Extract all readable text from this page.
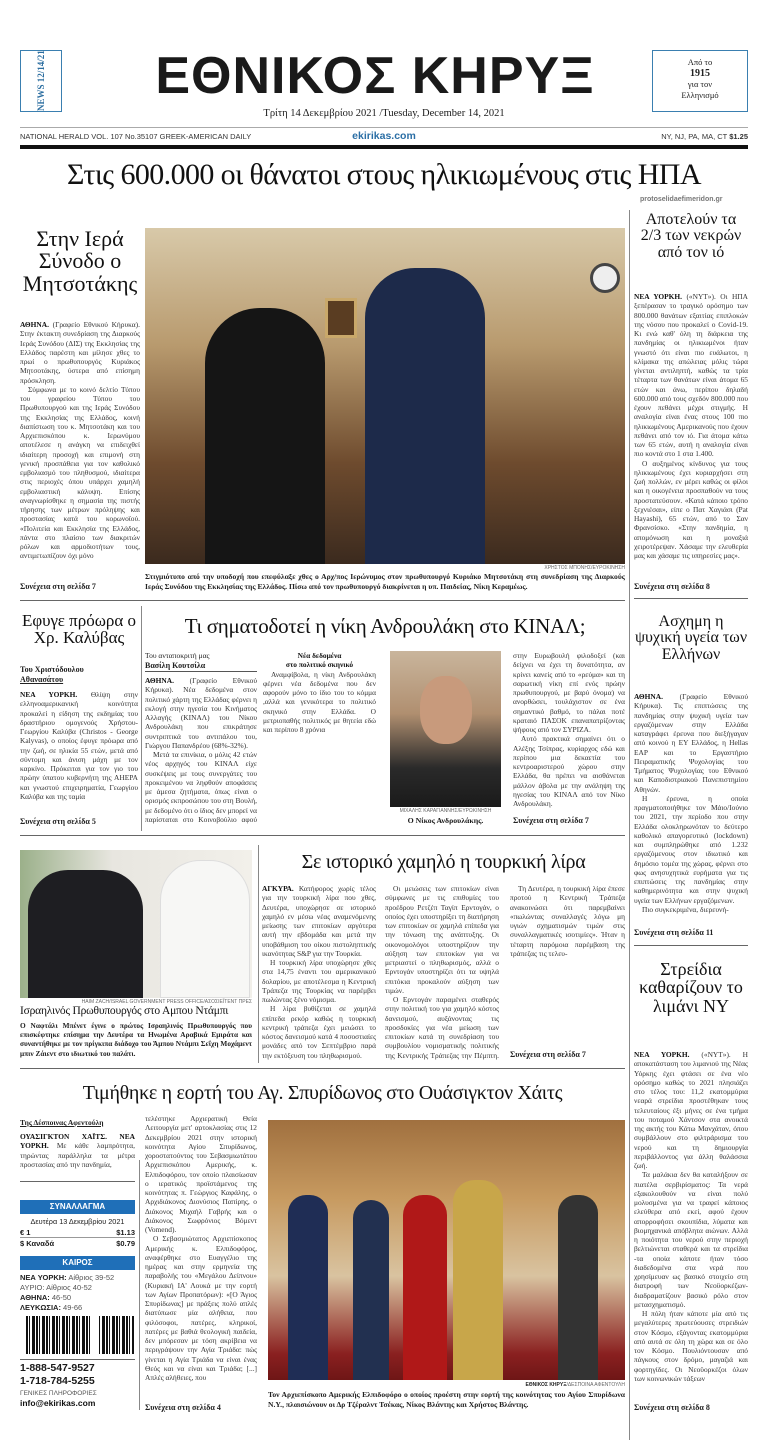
NEWS 12/14/21	ΕΘΝΙΚΟΣ ΚΗΡΥΞ	Από το
1915
για τον
Ελληνισμό
Τρίτη 14 Δεκεμβρίου 2021 /Tuesday, December 14, 2021
NATIONAL HERALD VOL. 107 No.35107 GREEK-AMERICAN DAILY	ekirikas.com	NY, NJ, PA, MA, CT $1.25
Στις 600.000 οι θάνατοι στους ηλικιωμένους στις ΗΠΑ
protoselidaefimeridon.gr
Στην Ιερά Σύνοδο ο Μητσοτάκης

ΑΘΗΝΑ. (Γραφείο Εθνικού Κήρυκα). Στην έκτακτη συνεδρίαση της Διαρκούς Ιεράς Συνόδου (ΔΙΣ) της Εκκλησίας της Ελλάδος παρέστη και μίλησε χθες το πρωί ο πρωθυπουργός Κυριάκος Μητσοτάκης, ύστερα από επίσημη πρόσκληση.

Σύμφωνα με το κοινό δελτίο Τύπου του γραφείου Τύπου του Πρωθυπουργού και της Ιεράς Συνόδου της Εκκλησίας της Ελλάδος, κοινή διαπίστωση του κ. Μητσοτάκη και του Αρχιεπισκόπου κ. Ιερωνύμου αποτέλεσε η ανάγκη να επιδειχθεί ιδιαίτερη προσοχή και επιμονή στη γενική προσπάθεια για τον καθολικό εμβολιασμό του πληθυσμού, ιδιαίτερα στις περιοχές όπου υπάρχει χαμηλή εμβολιαστική κάλυψη. Επίσης αναγνωρίσθηκε η σημασία της πιστής τήρησης των μέτρων πρόληψης και προστασίας κατά του κορωνοϊού. «Πολιτεία και Εκκλησία της Ελλάδος, πάντα στο πλαίσιο των διακριτών ρόλων και αρμοδιοτήτων τους, αντιμετωπίζουν όχι μόνο

Συνέχεια στη σελίδα 7
ΧΡΗΣΤΟΣ ΜΠΟΝΗΣ/ΕΥΡΟΚΙΝΗΣΗ
Στιγμιότυπο από την υποδοχή που επεφύλαξε χθες ο Αρχ/πος Ιερώνυμος στον πρωθυπουργό Κυριάκο Μητσοτάκη στη συνεδρίαση της Διαρκούς Ιεράς Συνόδου της Εκκλησίας της Ελλάδος. Πίσω από τον πρωθυπουργό διακρίνεται η υπ. Παιδείας, Νίκη Κεραμέως.
Αποτελούν τα 2/3 των νεκρών από τον ιό

ΝΕΑ ΥΟΡΚΗ. («NYT»). Οι ΗΠΑ ξεπέρασαν το τραγικό ορόσημο των 800.000 θανάτων εξαιτίας επιπλοκών της νόσου που προκαλεί ο Covid-19. Κι ενώ καθ' όλη τη διάρκεια της πανδημίας οι ηλικιωμένοι ήταν γνωστό ότι είναι πιο ευάλωτοι, η κλίμακα της απώλειας μόλις τώρα γίνεται αντιληπτή, καθώς τα τρία τέταρτα των θανάτων είναι άτομα 65 ετών και άνω, περίπου δηλαδή 600.000 από τους σχεδόν 800.000 που έχουν πεθάνει μέχρι στιγμής. Η αναλογία είναι ένας στους 100 πιο ηλικιωμένους Αμερικανούς που έχουν πεθάνει από τον ιό. Για άτομα κάτω των 65 ετών, αυτή η αναλογία είναι πιο κοντά στο 1 στα 1.400.

Ο αυξημένος κίνδυνος για τους ηλικιωμένους έχει κυριαρχήσει στη ζωή πολλών, εν μέρει καθώς οι φίλοι και η οικογένεια προσπαθούν να τους προστατεύσουν. «Κατά κάποιο τρόπο ξεχνιέσαι», είπε ο Πατ Χαγιάσι (Pat Hayashi), 65 ετών, από το Σαν Φρανσίσκο. «Στην πανδημία, η απομόνωση και η μοναξιά χειροτέρεψαν. Χάσαμε την ελευθερία μας και χάσαμε τις υπηρεσίες μας».

Συνέχεια στη σελίδα 8
Εφυγε πρόωρα ο Χρ. Καλύβας
Του Χριστόδουλου
Αθανασάτου

ΝΕΑ ΥΟΡΚΗ. Θλίψη στην ελληνοαμερικανική κοινότητα προκαλεί η είδηση της εκδημίας του δραστήριου ομογενούς Χρήστου-Γεωργίου Καλύβα (Christos - George Kalyvas), ο οποίος έφυγε πρόωρα από την ζωή, σε ηλικία 55 ετών, μετά από σύντομη και άνιση μάχη με τον καρκίνο. Πρόκειται για τον γιο του πρώην ύπατου κυβερνήτη της ΑΗΕΡΑ και γνωστού επιχειρηματία, Γεωργίου Καλύβα και της ταμία

Συνέχεια στη σελίδα 5
Τι σηματοδοτεί η νίκη Ανδρουλάκη στο ΚΙΝΑΛ;
Του ανταποκριτή μας
Βασίλη Κουτσίλα

ΑΘΗΝΑ. (Γραφείο Εθνικού Κήρυκα). Νέα δεδομένα στον πολιτικό χάρτη της Ελλάδας φέρνει η εκλογή στην ηγεσία του Κινήματος Αλλαγής (ΚΙΝΑΛ) του Νίκου Ανδρουλάκη που επικράτησε συντριπτικά του αντιπάλου του, Γιώργου Παπανδρέου (68%-32%).

Μετά τα επινίκια, ο μόλις 42 ετών νέος αρχηγός του ΚΙΝΑΛ είχε συσκέψεις με τους συνεργάτες του προκειμένου να ληφθούν αποφάσεις με άμεσα ζητήματα, όπως είναι ο ορισμός εκπροσώπου του στη Βουλή, με δεδομένο ότι ο ίδιος δεν μπορεί να παρίσταται στο Κοινοβούλιο αφού

Νέα δεδομένα
στο πολιτικό σκηνικό

Αναμφίβολα, η νίκη Ανδρουλάκη φέρνει νέα δεδομένα που δεν αφορούν μόνο το ίδιο του το κόμμα ,αλλά και γενικότερα το πολιτικό σκηνικό στην Ελλάδα. Ο μετριοπαθής πολιτικός με θητεία εδώ και περίπου 8 χρόνια

ΜΙΧΑΛΗΣ ΚΑΡΑΓΙΑΝΝΗΣ/ΕΥΡΩΚΙΝΗΣΗ
Ο Νίκος Ανδρουλάκης.

στην Ευρωβουλή φιλοδοξεί (και δείχνει να έχει τη δυνατότητα, αν κρίνει κανείς από το «ρεύμα» και τη σαρωτική νίκη επί ενός πρώην πρωθυπουργού, με βαρύ όνομα) να ανορθώσει, τουλάχιστον σε ένα σημαντικό βαθμό, το πάλαι ποτέ κραταιό ΠΑΣΟΚ επαναπατρίζοντας ψήφους από τον ΣΥΡΙΖΑ.

Αυτό πρακτικά σημαίνει ότι ο Αλέξης Τσίπρας, κυρίαρχος εδώ και περίπου μια δεκαετία του κεντροαριστερού χώρου στην Ελλάδα, θα πρέπει να αισθάνεται μάλλον άβολα με την ανάληψη της ηγεσίας του ΚΙΝΑΛ από τον Νίκο Ανδρουλάκη.

Συνέχεια στη σελίδα 7
Ασχημη η ψυχική υγεία των Ελλήνων

ΑΘΗΝΑ. (Γραφείο Εθνικού Κήρυκα). Τις επιπτώσεις της πανδημίας στην ψυχική υγεία των εργαζόμενων στην Ελλάδα καταγράφει έρευνα που διεξήγαγαν από κοινού η ΕΥ Ελλάδος, η Hellas EAP και το Εργαστήριο Πειραματικής Ψυχολογίας του Τμήματος Ψυχολογίας του Εθνικού και Καποδιστριακού Πανεπιστημίου Αθηνών.

Η έρευνα, η οποία πραγματοποιήθηκε τον Μάιο/Ιούνιο του 2021, την περίοδο που στην Ελλάδα ολοκληρωνόταν το δεύτερο καθολικό απαγορευτικό (lockdown) και συμπληρώθηκε από 1.232 εργαζόμενους στον ιδιωτικό και δημόσιο τομέα της χώρας, φέρνει στο φως ανησυχητικά ευρήματα για τις επιπτώσεις της πανδημίας στην καθημερινότητα και στην ψυχική υγεία των Ελλήνων εργαζόμενων.

Πιο συγκεκριμένα, διερευνή-

Συνέχεια στη σελίδα 11
HAIM ZACH/ISRAEL GOVERNMENT PRESS OFFICE/ΑΣΟΣΙΕΪΤΕΝΤ ΠΡΕΣ
Ισραηλινός Πρωθυπουργός στο Αμπου Ντάμπι
Ο Ναφτάλι Μπένετ έγινε ο πρώτος Ισραηλινός Πρωθυπουργός που επισκέφτηκε επίσημα την Δευτέρα τα Ηνωμένα Αραβικά Εμιράτα και συναντήθηκε με τον πρίγκιπα διάδοχο του Άμπου Ντάμπι Σεΐχη Μοχάμεντ μπιν Ζάιεντ στο ιδιωτικό του παλάτι.
Σε ιστορικό χαμηλό η τουρκική λίρα

ΑΓΚΥΡΑ. Κατήφορος χωρίς τέλος για την τουρκική λίρα που χθες, Δευτέρα, υποχώρησε σε ιστορικό χαμηλό εν μέσω νέας αναμενόμενης μείωσης των επιτοκίων αργότερα αυτή την εβδομάδα και μετά την υποβάθμιση του οίκου πιστοληπτικής ικανότητας S&P για την Τουρκία.

Η τουρκική λίρα υποχώρησε χθες στα 14,75 έναντι του αμερικανικού δολαρίου, με αποτέλεσμα η Κεντρική Τράπεζα της Τουρκίας να παρέμβει πωλώντας ξένο νόμισμα.

Η λίρα βυθίζεται σε χαμηλά επίπεδα ρεκόρ καθώς η τουρκική κεντρική τράπεζα έχει μειώσει το κόστος δανεισμού κατά 4 ποσοστιαίες μονάδες από τον Σεπτέμβριο παρά την εκτόξευση του πληθωρισμού.

Οι μειώσεις των επιτοκίων είναι σύμφωνες με τις επιθυμίες του προέδρου Ρετζέπ Ταγίπ Ερντογάν, ο οποίος έχει υποστηρίξει τη διατήρηση των επιτοκίων σε χαμηλά επίπεδα για την τόνωση της ανάπτυξης. Οι οικονομολόγοι υποστηρίζουν την αύξηση των επιτοκίων για να μετριαστεί ο πληθωρισμός, αλλά ο Ερντογάν υποστηρίζει ότι τα υψηλά επιτόκια προκαλούν αύξηση των τιμών.

Ο Ερντογάν παραμένει σταθερός στην πολιτική του για χαμηλό κόστος δανεισμού, αυξάνοντας τις προσδοκίες για νέα μείωση των επιτοκίων κατά τη συνεδρίαση του συμβουλίου νομισματικής πολιτικής της Κεντρικής Τράπεζας την Πέμπτη.

Τη Δευτέρα, η τουρκική λίρα έπεσε προτού η Κεντρική Τράπεζα ανακοινώσει ότι παρεμβαίνει «πωλώντας συναλλαγές λόγω μη υγιών σχηματισμών τιμών στις συναλλαγματικές ισοτιμίες». Ήταν η τέταρτη παρόμοια παρέμβαση της τράπεζας τις τελευ-

Συνέχεια στη σελίδα 7
Στρείδια καθαρίζουν το λιμάνι ΝΥ

ΝΕΑ ΥΟΡΚΗ. («NYT»). Η αποκατάσταση του λιμανιού της Νέας Υόρκης έχει φτάσει σε ένα νέο ορόσημο καθώς το 2021 πλησιάζει στο τέλος του: 11,2 εκατομμύρια νεαρά στρείδια προστέθηκαν τους τελευταίους έξι μήνες σε ένα τμήμα του ποταμού Χάντσον στα ανοικτά της ακτής του Κάτω Μανχάταν, όπου συμβάλλουν στο φιλτράρισμα του νερού και τη δημιουργία περιβάλλοντος για άλλη θαλάσσια ζωή.

Τα μαλάκια δεν θα καταλήξουν σε πιατέλα σερβιρίσματος: Τα νερά εξακολουθούν να είναι πολύ μολυσμένα για να τραφεί κάποιος ελεύθερα από εκεί, αφού έχουν απορροφήσει σκουπίδια, λύματα και βιομηχανικά απόβλητα αιώνων. Αλλά η ποιότητα του νερού στην περιοχή βελτιώνεται σταθερά και τα στρείδια -τα οποία κάποτε ήταν τόσο διαδεδομένα στα νερά που χρησίμευαν ως βασικό στοιχείο στη διατροφή των Νεοϋορκέζων- διαδραματίζουν βασικό ρόλο στον μετασχηματισμό.

Η πόλη ήταν κάποτε μία από τις μεγαλύτερες πρωτεύουσες στρειδιών στον Κόσμο, εξάγοντας εκατομμύρια από αυτά σε όλη τη χώρα και σε όλο τον Κόσμο. Πουλιόντουσαν από πάγκους στον δρόμο, μαγαζιά και φορτηγίδες. Οι Νεοϋορκέζοι όλων των κοινωνικών τάξεων

Συνέχεια στη σελίδα 8
Τιμήθηκε η εορτή του Αγ. Σπυρίδωνος στο Ουάσιγκτον Χάιτς
Της Δέσποινας Αφεντούλη

ΟΥΑΣΙΓΚΤΟΝ ΧΑΪΤΣ. ΝΕΑ ΥΟΡΚΗ. Με κάθε λαμπρότητα, τηρώντας παράλληλα τα μέτρα προστασίας από την πανδημία,

ΣΥΝΑΛΛΑΓΜΑ
Δευτέρα 13 Δεκεμβρίου 2021
€ 1	$1.13
$ Καναδά	$0.79
ΚΑΙΡΟΣ
ΝΕΑ ΥΟΡΚΗ: Αίθριος 39-52
ΑΥΡΙΟ: Αίθριος 40-52
ΑΘΗΝΑ: 46-50
ΛΕΥΚΩΣΙΑ: 49-66
1-888-547-9527
1-718-784-5255
ΓΕΝΙΚΕΣ ΠΛΗΡΟΦΟΡΙΕΣ
info@ekirikas.com

τελέστηκε Αρχιερατική Θεία Λειτουργία μετ' αρτοκλασίας στις 12 Δεκεμβρίου 2021 στην ιστορική κοινότητα Αγίου Σπυρίδωνος, χοροστατούντος του Σεβασμιωτάτου Αρχιεπισκόπου Αμερικής, κ. Ελπιδοφόρου, τον οποίο πλαισίωσαν ο ιερατικός προϊστάμενος της κοινότητας π. Γεώργιος Καφάλης, ο Αρχιδιάκονος Διονύσιος Παπίρης, ο Διάκονος Μιχαήλ Γαβρής και ο Διάκονος Σωφρόνιος Βόμεντ (Vomend).

Ο Σεβασμιώτατος Αρχιεπίσκοπος Αμερικής κ. Ελπιδοφόρος, αναφέρθηκε στο Ευαγγέλιο της ημέρας και στην ερμηνεία της παραβολής του «Μεγάλου Δείπνου» (Κυριακή ΙΑ' Λουκά με την εορτή των Αγίων Προπατόρων): «[Ο Άγιος Σπυρίδωνας] με πράξεις πολύ απλές διατύπωσε μία αλήθεια, που φιλόσοφοι, πατέρες, κληρικοί, πατέρες με βαθιά θεολογική παιδεία, δεν μπόρεσαν με τόση ακρίβεια να περιγράψουν την Αγία Τριάδα: πώς γίνεται η Αγία Τριάδα να είναι ένας Θεός και να είναι και Τριάδα; [...] Απλές αλήθειες, που

Συνέχεια στη σελίδα 4
ΕΘΝΙΚΟΣ ΚΗΡΥΞ/ΔΕΣΠΟΙΝΑ ΑΦΕΝΤΟΥΛΗ
Τον Αρχιεπίσκοπο Αμερικής Ελπιδοφόρο ο οποίος προέστη στην εορτή της κοινότητας του Αγίου Σπυρίδωνα Ν.Υ., πλαισιώνουν οι Δρ Τζέραλντ Τσέκας, Νίκος Βλάντης και Χρήστος Βλάντης.
